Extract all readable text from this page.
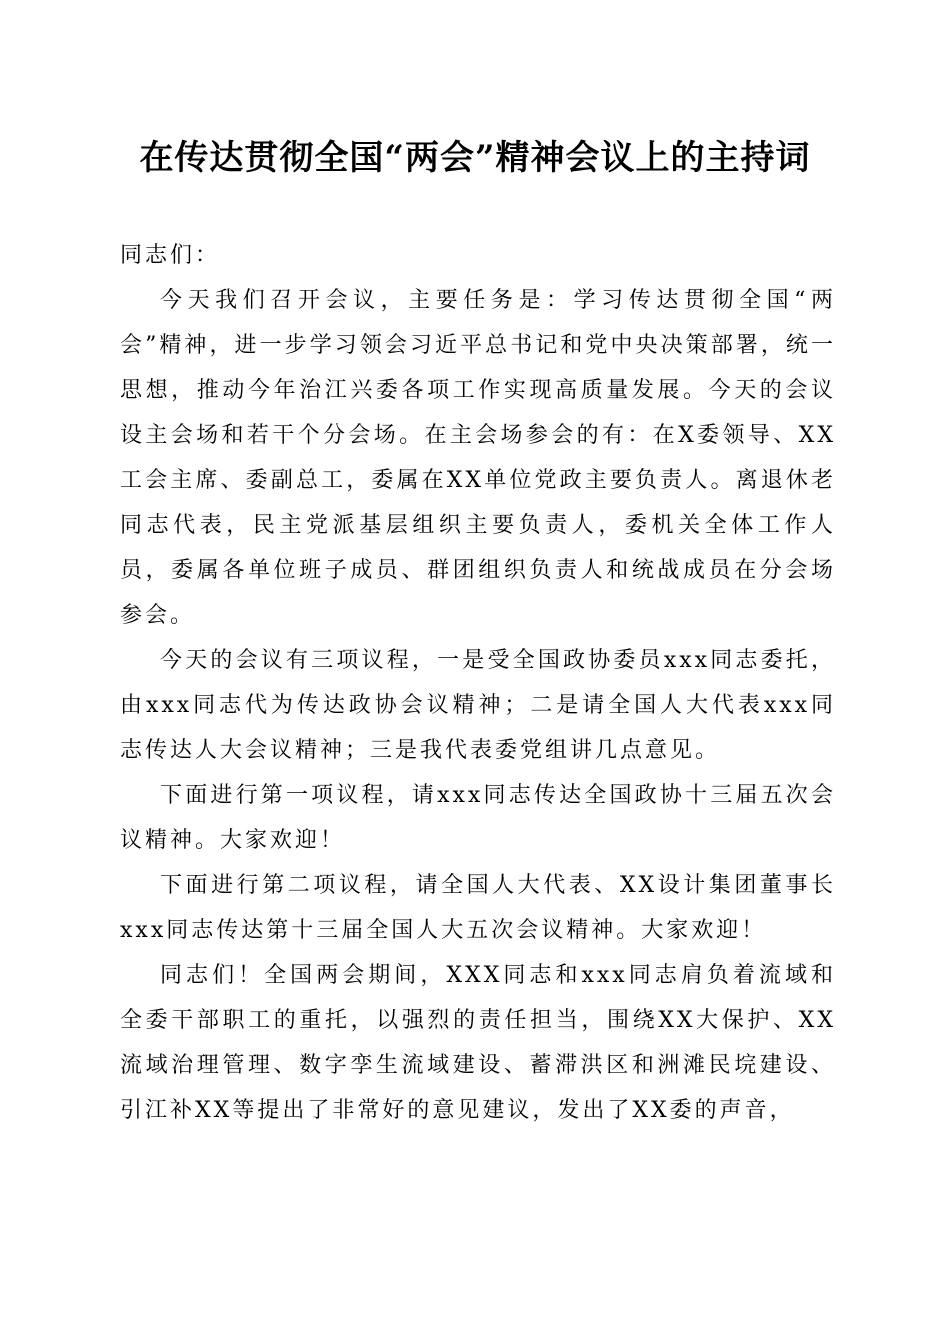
在传达贯彻全国“两会”精神会议上的主持词

同志们：

今天我们召开会议，主要任务是：学习传达贯彻全国“两会”精神，进一步学习领会习近平总书记和党中央决策部署，统一思想，推动今年治江兴委各项工作实现高质量发展。今天的会议设主会场和若干个分会场。在主会场参会的有：在X委领导、XX工会主席、委副总工，委属在XX单位党政主要负责人。离退休老同志代表，民主党派基层组织主要负责人，委机关全体工作人员，委属各单位班子成员、群团组织负责人和统战成员在分会场参会。

今天的会议有三项议程，一是受全国政协委员xxx同志委托，由xxx同志代为传达政协会议精神；二是请全国人大代表xxx同志传达人大会议精神；三是我代表委党组讲几点意见。

下面进行第一项议程，请xxx同志传达全国政协十三届五次会议精神。大家欢迎！

下面进行第二项议程，请全国人大代表、XX设计集团董事长xxx同志传达第十三届全国人大五次会议精神。大家欢迎！

同志们！全国两会期间，XXX同志和xxx同志肩负着流域和全委干部职工的重托，以强烈的责任担当，围绕XX大保护、XX流域治理管理、数字孪生流域建设、蓄滞洪区和洲滩民垸建设、引江补XX等提出了非常好的意见建议，发出了XX委的声音，
